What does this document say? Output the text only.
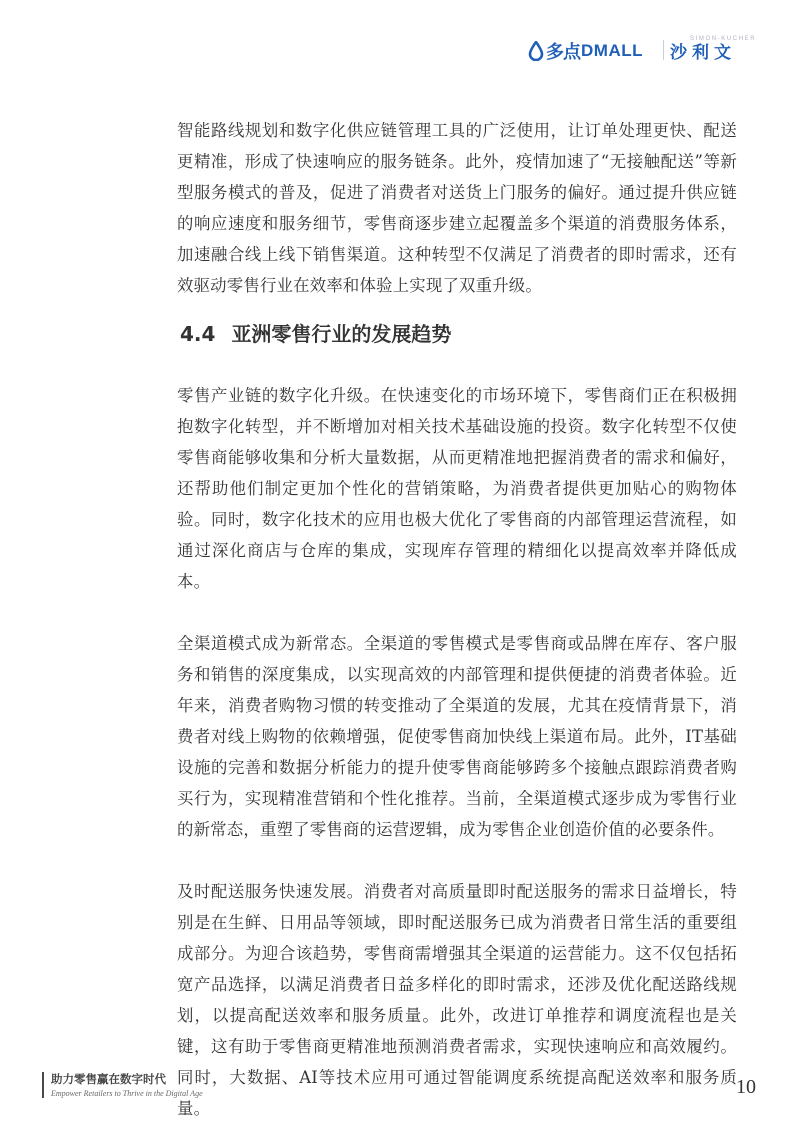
多点 DMALL
SIMON-KUCHER
沙利文

智能路线规划和数字化供应链管理工具的广泛使用，让订单处理更快、配送更精准，形成了快速响应的服务链条。此外，疫情加速了“无接触配送”等新型服务模式的普及，促进了消费者对送货上门服务的偏好。通过提升供应链的响应速度和服务细节，零售商逐步建立起覆盖多个渠道的消费服务体系，加速融合线上线下销售渠道。这种转型不仅满足了消费者的即时需求，还有效驱动零售行业在效率和体验上实现了双重升级。

零售产业链的数字化升级。在快速变化的市场环境下，零售商们正在积极拥抱数字化转型，并不断增加对相关技术基础设施的投资。数字化转型不仅使零售商能够收集和分析大量数据，从而更精准地把握消费者的需求和偏好，还帮助他们制定更加个性化的营销策略，为消费者提供更加贴心的购物体验。同时，数字化技术的应用也极大优化了零售商的内部管理运营流程，如通过深化商店与仓库的集成，实现库存管理的精细化以提高效率并降低成本。

全渠道模式成为新常态。全渠道的零售模式是零售商或品牌在库存、客户服务和销售的深度集成，以实现高效的内部管理和提供便捷的消费者体验。近年来，消费者购物习惯的转变推动了全渠道的发展，尤其在疫情背景下，消费者对线上购物的依赖增强，促使零售商加快线上渠道布局。此外，IT基础设施的完善和数据分析能力的提升使零售商能够跨多个接触点跟踪消费者购买行为，实现精准营销和个性化推荐。当前，全渠道模式逐步成为零售行业的新常态，重塑了零售商的运营逻辑，成为零售企业创造价值的必要条件。

及时配送服务快速发展。消费者对高质量即时配送服务的需求日益增长，特别是在生鲜、日用品等领域，即时配送服务已成为消费者日常生活的重要组成部分。为迎合该趋势，零售商需增强其全渠道的运营能力。这不仅包括拓宽产品选择，以满足消费者日益多样化的即时需求，还涉及优化配送路线规划，以提高配送效率和服务质量。此外，改进订单推荐和调度流程也是关键，这有助于零售商更精准地预测消费者需求，实现快速响应和高效履约。同时，大数据、AI等技术应用可通过智能调度系统提高配送效率和服务质量。

4.4 亚洲零售行业的发展趋势
助力零售赢在数字时代
Empower Retailers to Thrive in the Digital Age	10
